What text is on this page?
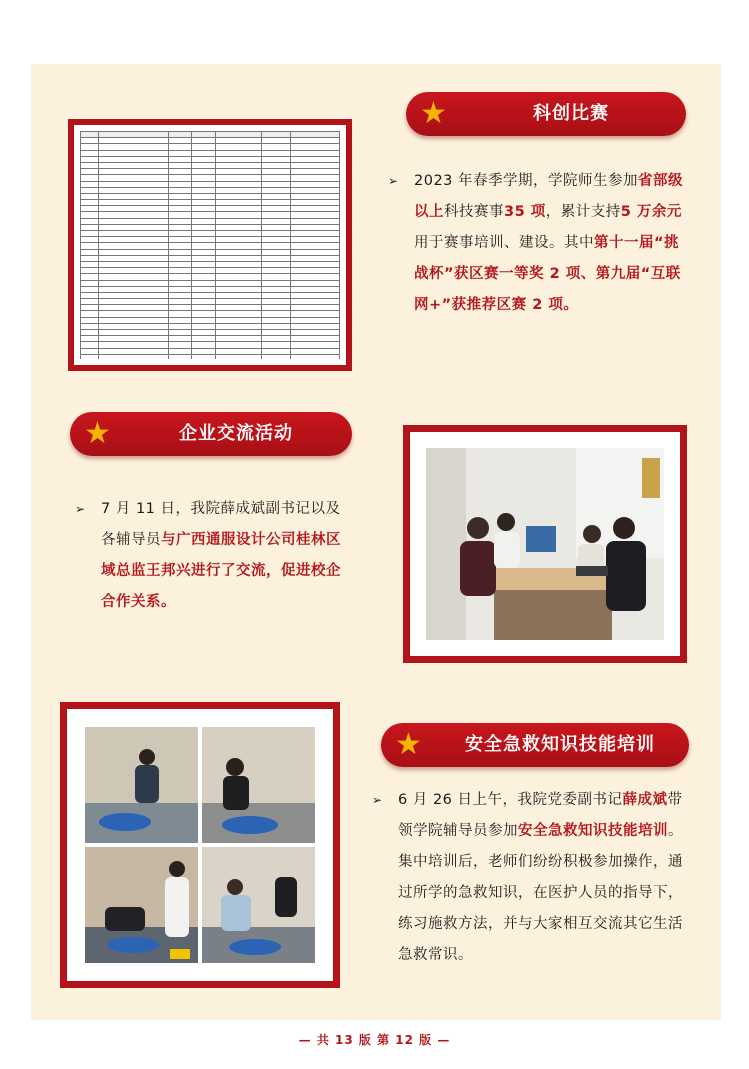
★	科创比赛
➢ 2023 年春季学期，学院师生参加省部级以上科技赛事35 项，累计支持5 万余元用于赛事培训、建设。其中第十一届“挑战杯”获区赛一等奖 2 项、第九届“互联网+”获推荐区赛 2 项。
★	企业交流活动
➢ 7 月 11 日，我院薛成斌副书记以及各辅导员与广西通服设计公司桂林区域总监王邦兴进行了交流，促进校企合作关系。
★	安全急救知识技能培训
➢ 6 月 26 日上午，我院党委副书记薛成斌带领学院辅导员参加安全急救知识技能培训。集中培训后，老师们纷纷积极参加操作，通过所学的急救知识，在医护人员的指导下，练习施救方法，并与大家相互交流其它生活急救常识。
— 共 13 版 第 12 版 —
